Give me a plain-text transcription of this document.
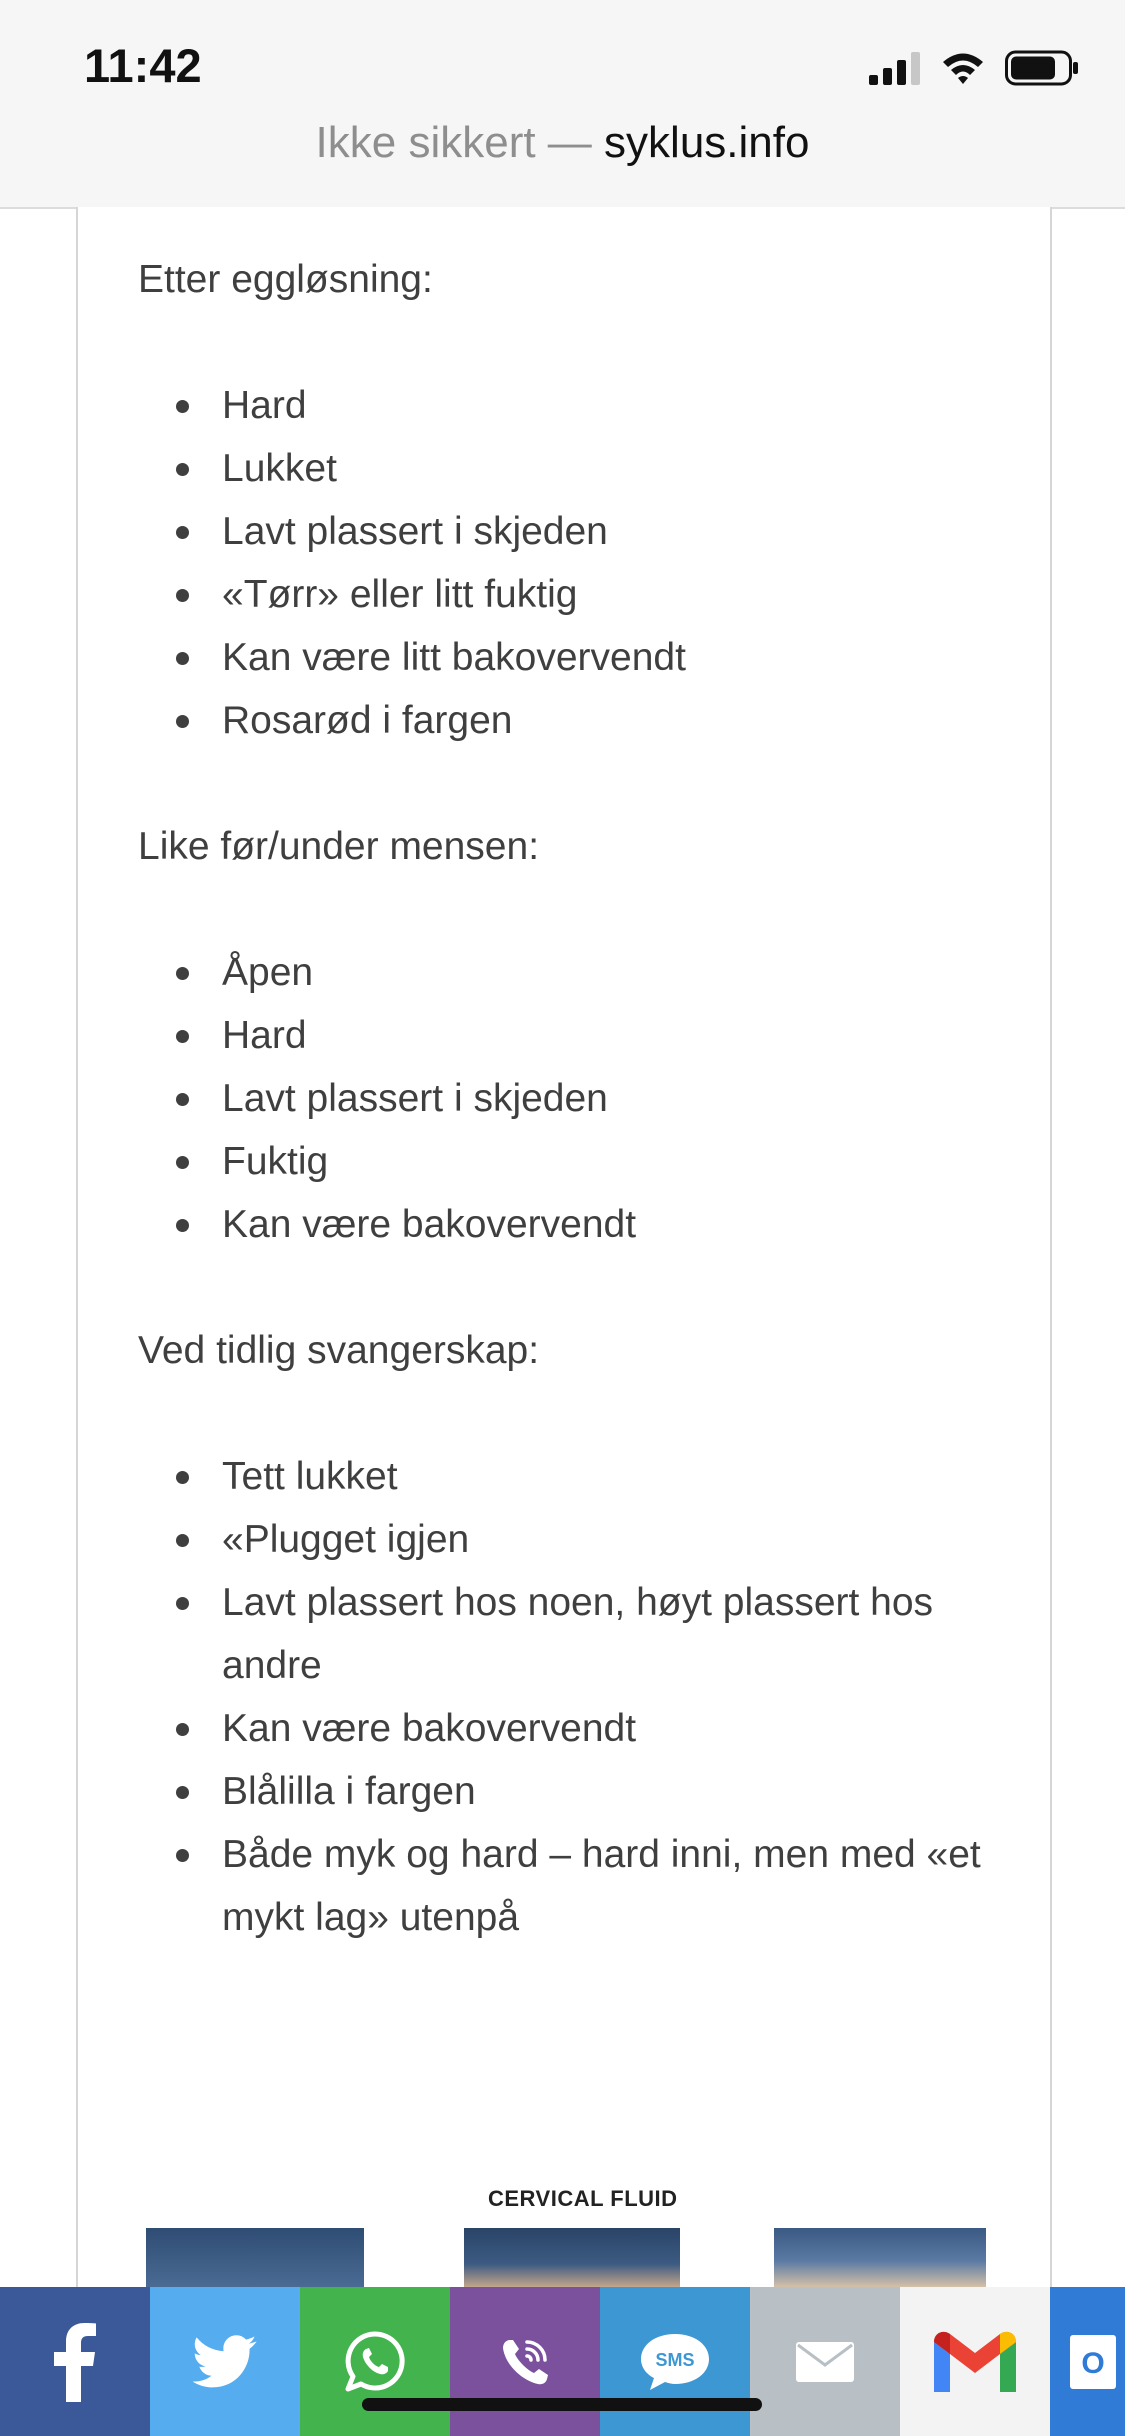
11:42
Ikke sikkert — syklus.info

Etter eggløsning:

Hard
Lukket
Lavt plassert i skjeden
«Tørr» eller litt fuktig
Kan være litt bakovervendt
Rosarød i fargen

Like før/under mensen:

Åpen
Hard
Lavt plassert i skjeden
Fuktig
Kan være bakovervendt

Ved tidlig svangerskap:

Tett lukket
«Plugget igjen
Lavt plassert hos noen, høyt plassert hos andre
Kan være bakovervendt
Blålilla i fargen
Både myk og hard – hard inni, men med «et mykt lag» utenpå
CERVICAL FLUID
SMS	O
